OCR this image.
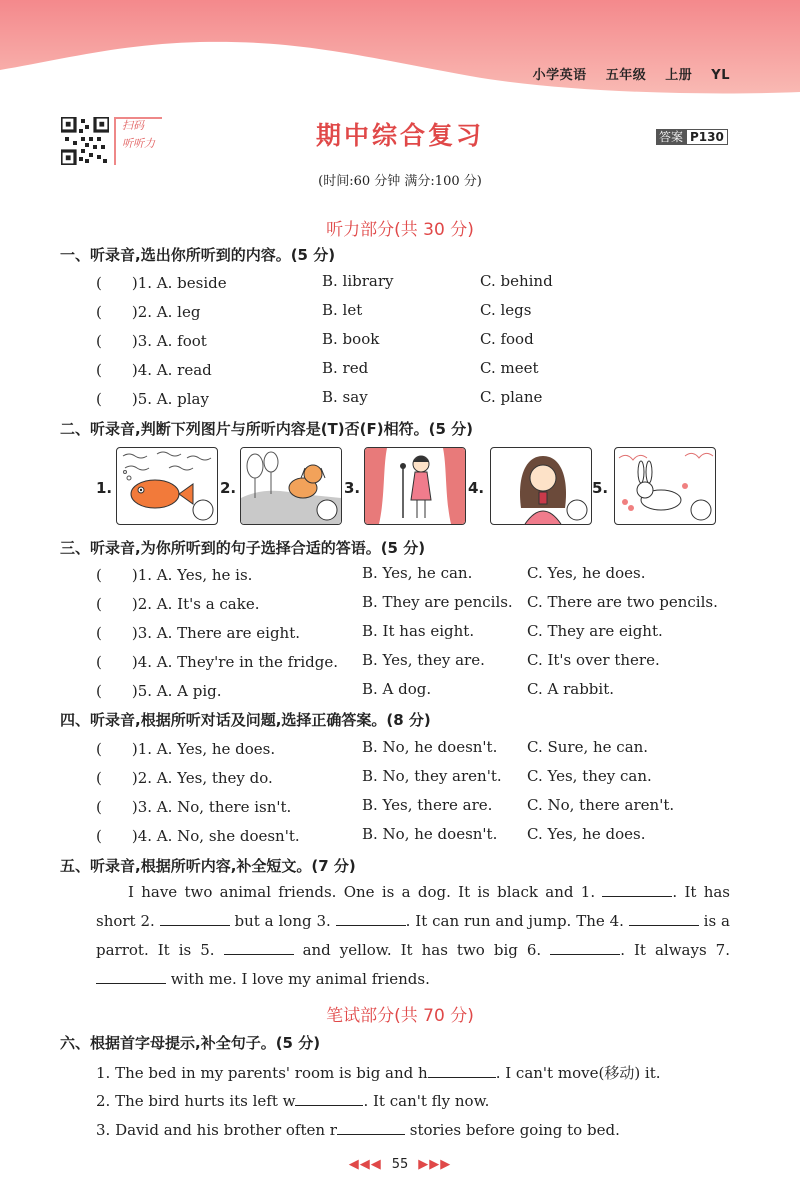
小学英语 五年级 上册 YL
扫码
听听力	期中综合复习	答案 P130
(时间:60 分钟 满分:100 分)
听力部分(共 30 分)
一、听录音,选出你所听到的内容。(5 分)
(　　)1. A. beside	B. library	C. behind
(　　)2. A. leg	B. let	C. legs
(　　)3. A. foot	B. book	C. food
(　　)4. A. read	B. red	C. meet
(　　)5. A. play	B. say	C. plane
二、听录音,判断下列图片与所听内容是(T)否(F)相符。(5 分)
1.	2.	3.	4.	5.
三、听录音,为你所听到的句子选择合适的答语。(5 分)
(　　)1. A. Yes, he is.	B. Yes, he can.	C. Yes, he does.
(　　)2. A. It's a cake.	B. They are pencils. C. There are two pencils.
(　　)3. A. There are eight.	B. It has eight.	C. They are eight.
(　　)4. A. They're in the fridge. B. Yes, they are.	C. It's over there.
(　　)5. A. A pig.	B. A dog.	C. A rabbit.
四、听录音,根据所听对话及问题,选择正确答案。(8 分)
(　　)1. A. Yes, he does.	B. No, he doesn't. C. Sure, he can.
(　　)2. A. Yes, they do.	B. No, they aren't. C. Yes, they can.
(　　)3. A. No, there isn't.	B. Yes, there are. C. No, there aren't.
(　　)4. A. No, she doesn't.	B. No, he doesn't. C. Yes, he does.
五、听录音,根据所听内容,补全短文。(7 分)
I have two animal friends. One is a dog. It is black and 1.	. It has short 2.	but a long 3.	. It can run and jump. The 4.	is a parrot. It is 5.	and yellow. It has two big 6.	. It always 7.  with me. I love my animal friends.
笔试部分(共 70 分)
六、根据首字母提示,补全句子。(5 分)
1. The bed in my parents' room is big and h	. I can't move(移动) it.
2. The bird hurts its left w	. It can't fly now.
3. David and his brother often r	stories before going to bed.
◀◀◀ 55 ▶▶▶
